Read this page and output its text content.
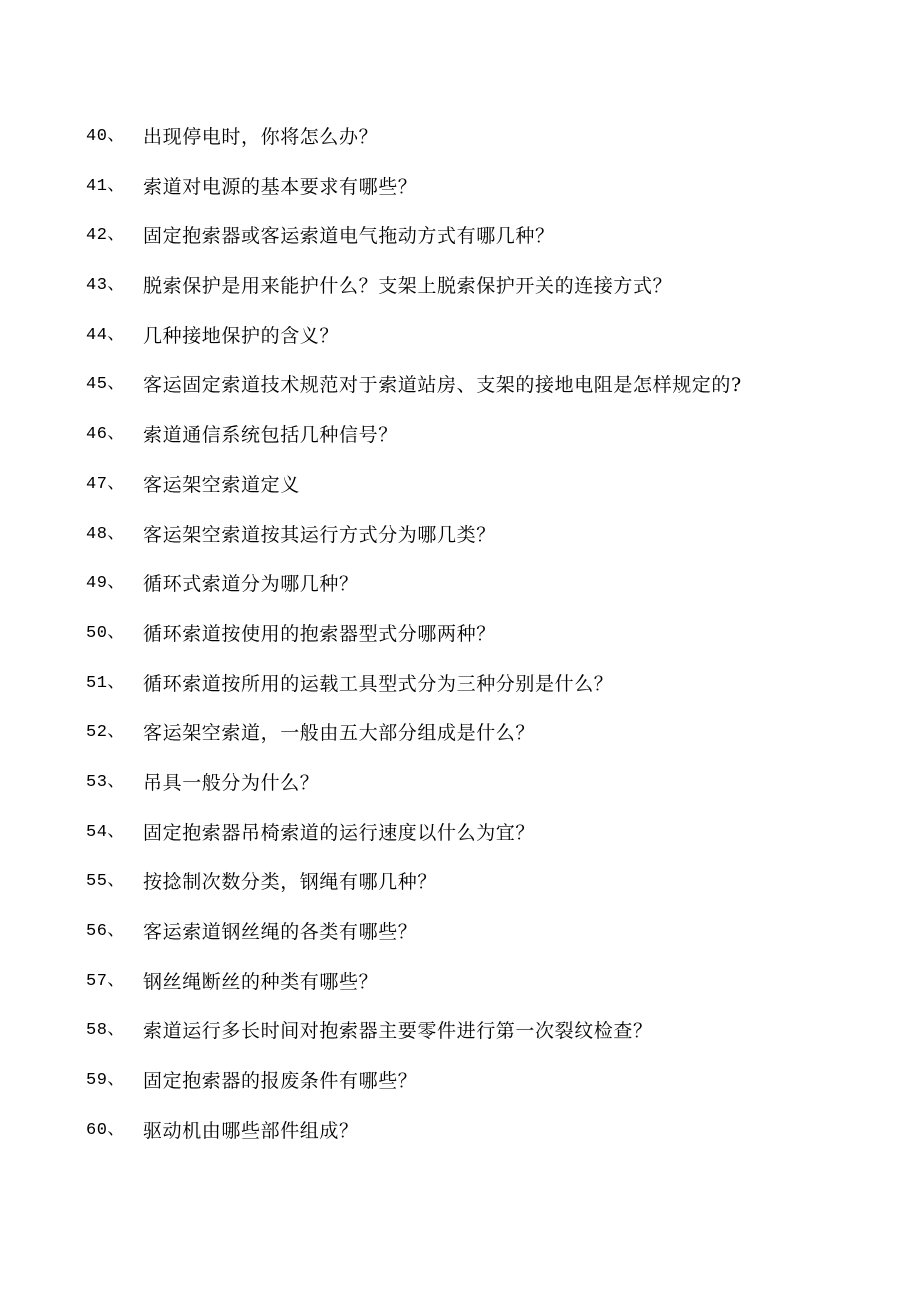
40、 出现停电时，你将怎么办？
41、 索道对电源的基本要求有哪些？
42、 固定抱索器或客运索道电气拖动方式有哪几种？
43、 脱索保护是用来能护什么？支架上脱索保护开关的连接方式？
44、 几种接地保护的含义？
45、 客运固定索道技术规范对于索道站房、支架的接地电阻是怎样规定的?
46、 索道通信系统包括几种信号？
47、 客运架空索道定义
48、 客运架空索道按其运行方式分为哪几类？
49、 循环式索道分为哪几种？
50、 循环索道按使用的抱索器型式分哪两种？
51、 循环索道按所用的运载工具型式分为三种分别是什么？
52、 客运架空索道，一般由五大部分组成是什么？
53、 吊具一般分为什么？
54、 固定抱索器吊椅索道的运行速度以什么为宜？
55、 按捻制次数分类，钢绳有哪几种？
56、 客运索道钢丝绳的各类有哪些？
57、 钢丝绳断丝的种类有哪些？
58、 索道运行多长时间对抱索器主要零件进行第一次裂纹检查？
59、 固定抱索器的报废条件有哪些？
60、 驱动机由哪些部件组成？
